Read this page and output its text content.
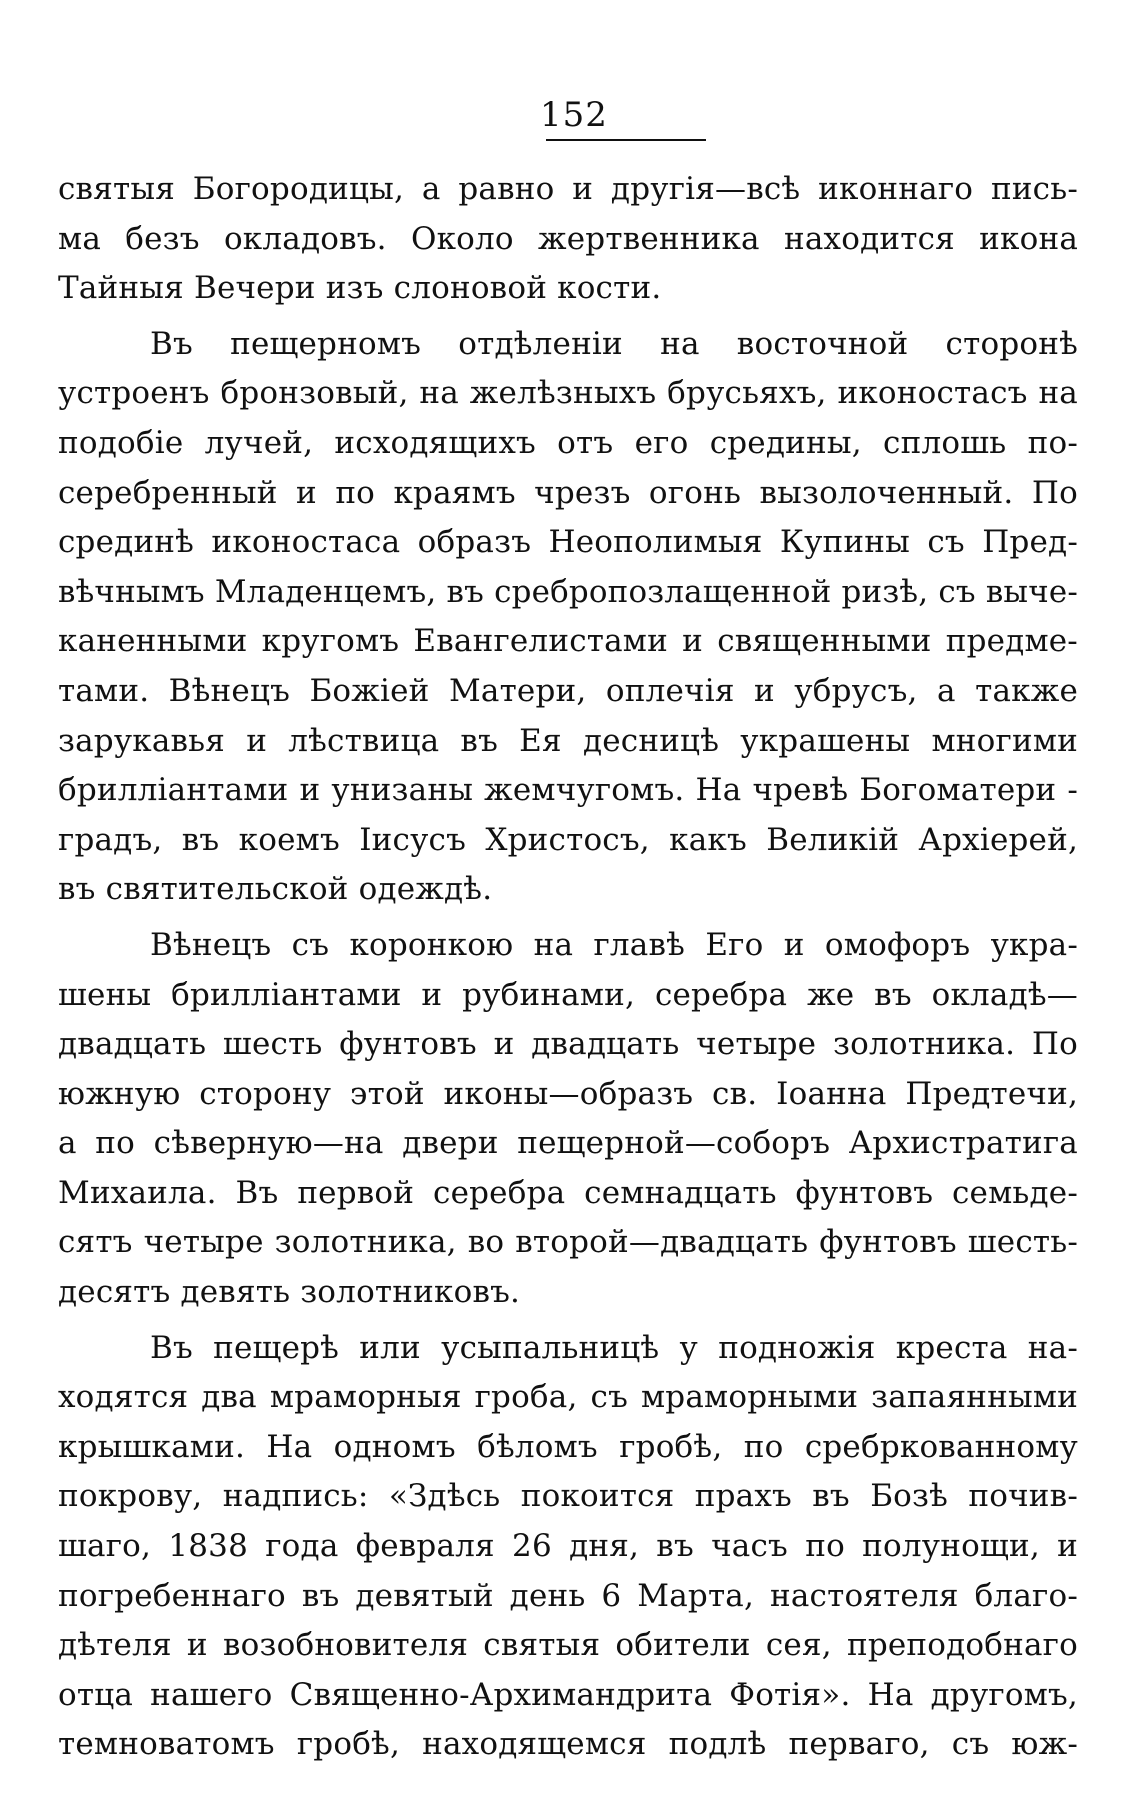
152
святыя Богородицы, а равно и другія—всѣ иконнаго пись-
ма безъ окладовъ. Около жертвенника находится икона
Тайныя Вечери изъ слоновой кости.
Въ пещерномъ отдѣленіи на восточной сторонѣ
устроенъ бронзовый, на желѣзныхъ брусьяхъ, иконостасъ на
подобіе лучей, исходящихъ отъ его средины, сплошь по-
серебренный и по краямъ чрезъ огонь вызолоченный. По
срединѣ иконостаса образъ Неополимыя Купины съ Пред-
вѣчнымъ Младенцемъ, въ сребропозлащенной ризѣ, съ выче-
каненными кругомъ Евангелистами и священными предме-
тами. Вѣнецъ Божіей Матери, оплечія и убрусъ, а также
зарукавья и лѣствица въ Ея десницѣ украшены многими
брилліантами и унизаны жемчугомъ. На чревѣ Богоматери -
градъ, въ коемъ Іисусъ Христосъ, какъ Великій Архіерей,
въ святительской одеждѣ.
Вѣнецъ съ коронкою на главѣ Его и омофоръ укра-
шены брилліантами и рубинами, серебра же въ окладѣ—
двадцать шесть фунтовъ и двадцать четыре золотника. По
южную сторону этой иконы—образъ св. Іоанна Предтечи,
а по сѣверную—на двери пещерной—соборъ Архистратига
Михаила. Въ первой серебра семнадцать фунтовъ семьде-
сятъ четыре золотника, во второй—двадцать фунтовъ шесть-
десятъ девять золотниковъ.
Въ пещерѣ или усыпальницѣ у подножія креста на-
ходятся два мраморныя гроба, съ мраморными запаянными
крышками. На одномъ бѣломъ гробѣ, по сребркованному
покрову, надпись: «Здѣсь покоится прахъ въ Бозѣ почив-
шаго, 1838 года февраля 26 дня, въ часъ по полунощи, и
погребеннаго въ девятый день 6 Марта, настоятеля благо-
дѣтеля и возобновителя святыя обители сея, преподобнаго
отца нашего Священно-Архимандрита Фотія». На другомъ,
темноватомъ гробѣ, находящемся подлѣ перваго, съ юж-
